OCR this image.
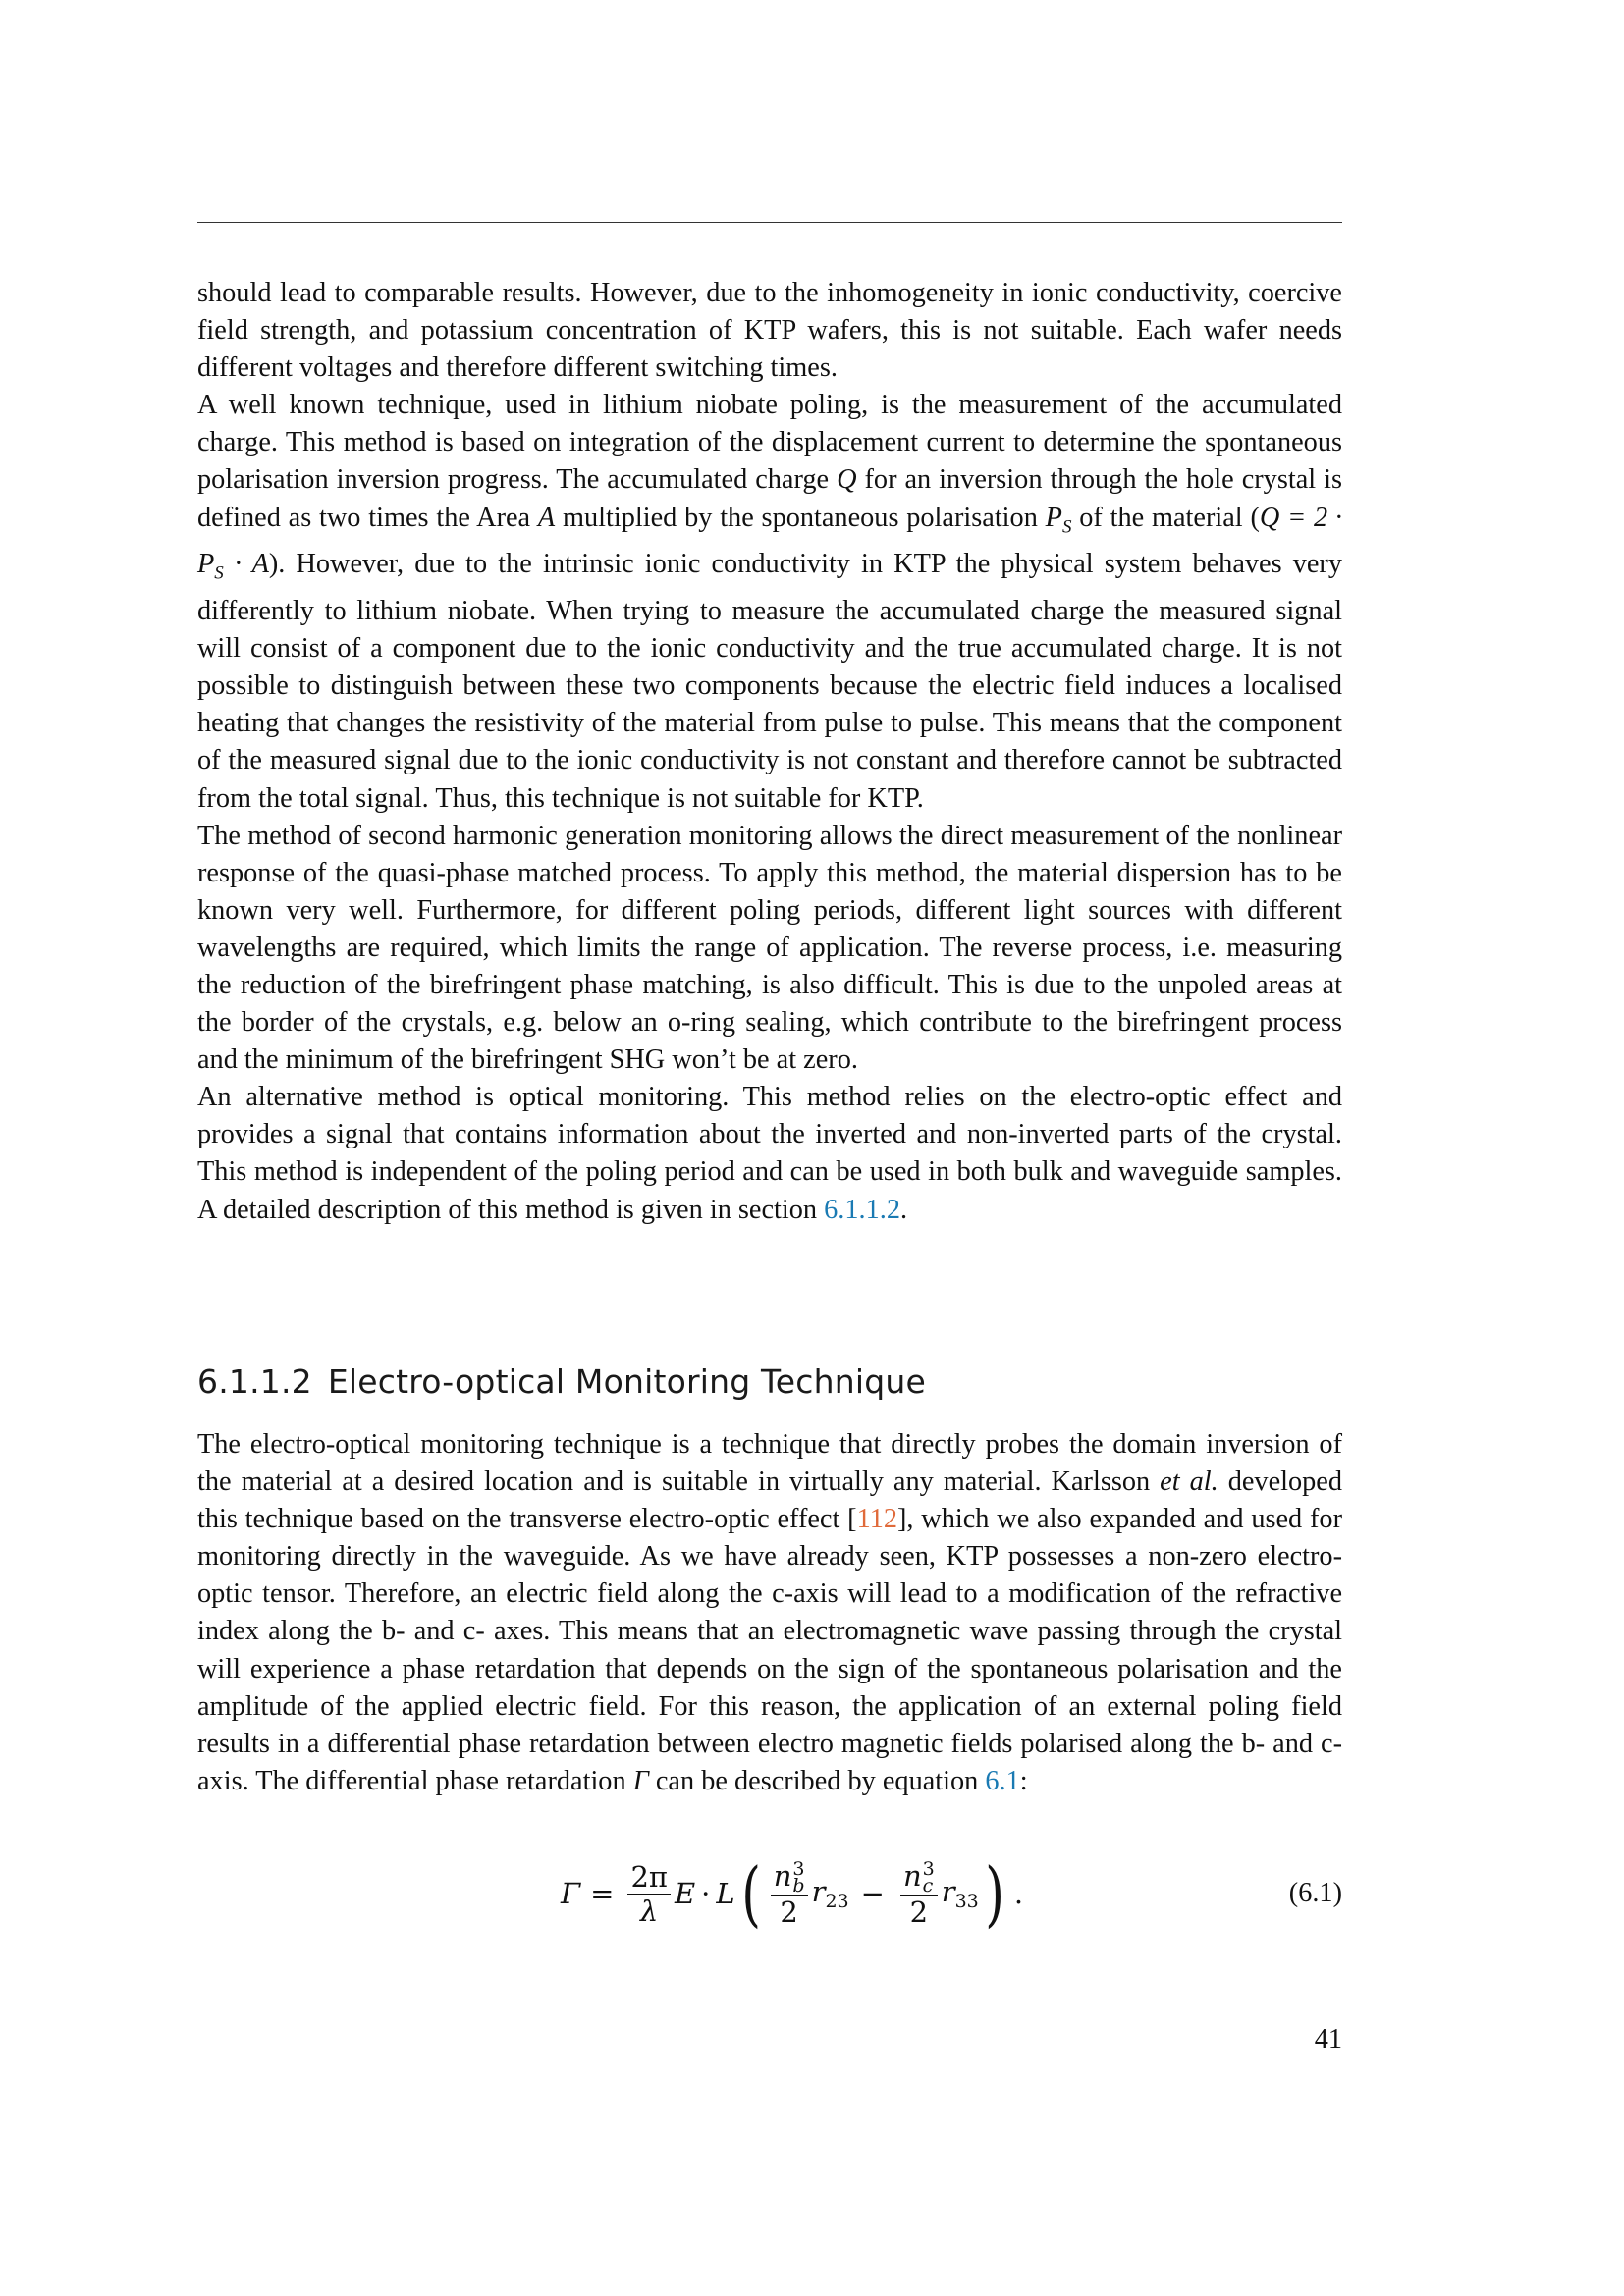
should lead to comparable results. However, due to the inhomogeneity in ionic conductivity, coercive field strength, and potassium concentration of KTP wafers, this is not suitable. Each wafer needs different voltages and therefore different switching times.

A well known technique, used in lithium niobate poling, is the measurement of the accumulated charge. This method is based on integration of the displacement current to determine the spontaneous polarisation inversion progress. The accumulated charge Q for an inversion through the hole crystal is defined as two times the Area A multiplied by the spontaneous polarisation $P_S$ of the material $(Q = 2 \cdot P_S \cdot A)$. However, due to the intrinsic ionic conductivity in KTP the physical system behaves very differently to lithium niobate. When trying to measure the accumulated charge the measured signal will consist of a component due to the ionic conductivity and the true accumulated charge. It is not possible to distinguish between these two components because the electric field induces a localised heating that changes the resistivity of the material from pulse to pulse. This means that the component of the measured signal due to the ionic conductivity is not constant and therefore cannot be subtracted from the total signal. Thus, this technique is not suitable for KTP.

The method of second harmonic generation monitoring allows the direct measurement of the nonlinear response of the quasi-phase matched process. To apply this method, the material dispersion has to be known very well. Furthermore, for different poling periods, different light sources with different wavelengths are required, which limits the range of application. The reverse process, i.e. measuring the reduction of the birefringent phase matching, is also difficult. This is due to the unpoled areas at the border of the crystals, e.g. below an o-ring sealing, which contribute to the birefringent process and the minimum of the birefringent SHG won’t be at zero.

An alternative method is optical monitoring. This method relies on the electro-optic effect and provides a signal that contains information about the inverted and non-inverted parts of the crystal. This method is independent of the poling period and can be used in both bulk and waveguide samples. A detailed description of this method is given in section 6.1.1.2.

6.1.1.2 Electro-optical Monitoring Technique

The electro-optical monitoring technique is a technique that directly probes the domain inversion of the material at a desired location and is suitable in virtually any material. Karlsson et al. developed this technique based on the transverse electro-optic effect [112], which we also expanded and used for monitoring directly in the waveguide. As we have already seen, KTP possesses a non-zero electro-optic tensor. Therefore, an electric field along the c-axis will lead to a modification of the refractive index along the b- and c- axes. This means that an electromagnetic wave passing through the crystal will experience a phase retardation that depends on the sign of the spontaneous polarisation and the amplitude of the applied electric field. For this reason, the application of an external poling field results in a differential phase retardation between electro magnetic fields polarised along the b- and c- axis. The differential phase retardation Γ can be described by equation 6.1:

$\Gamma = \frac{2\pi}{\lambda}$ E · L ( n 3
b
2 $r_{23} - n$ 3
c
2 $r_{33}$ ) .	(6.1)
41
